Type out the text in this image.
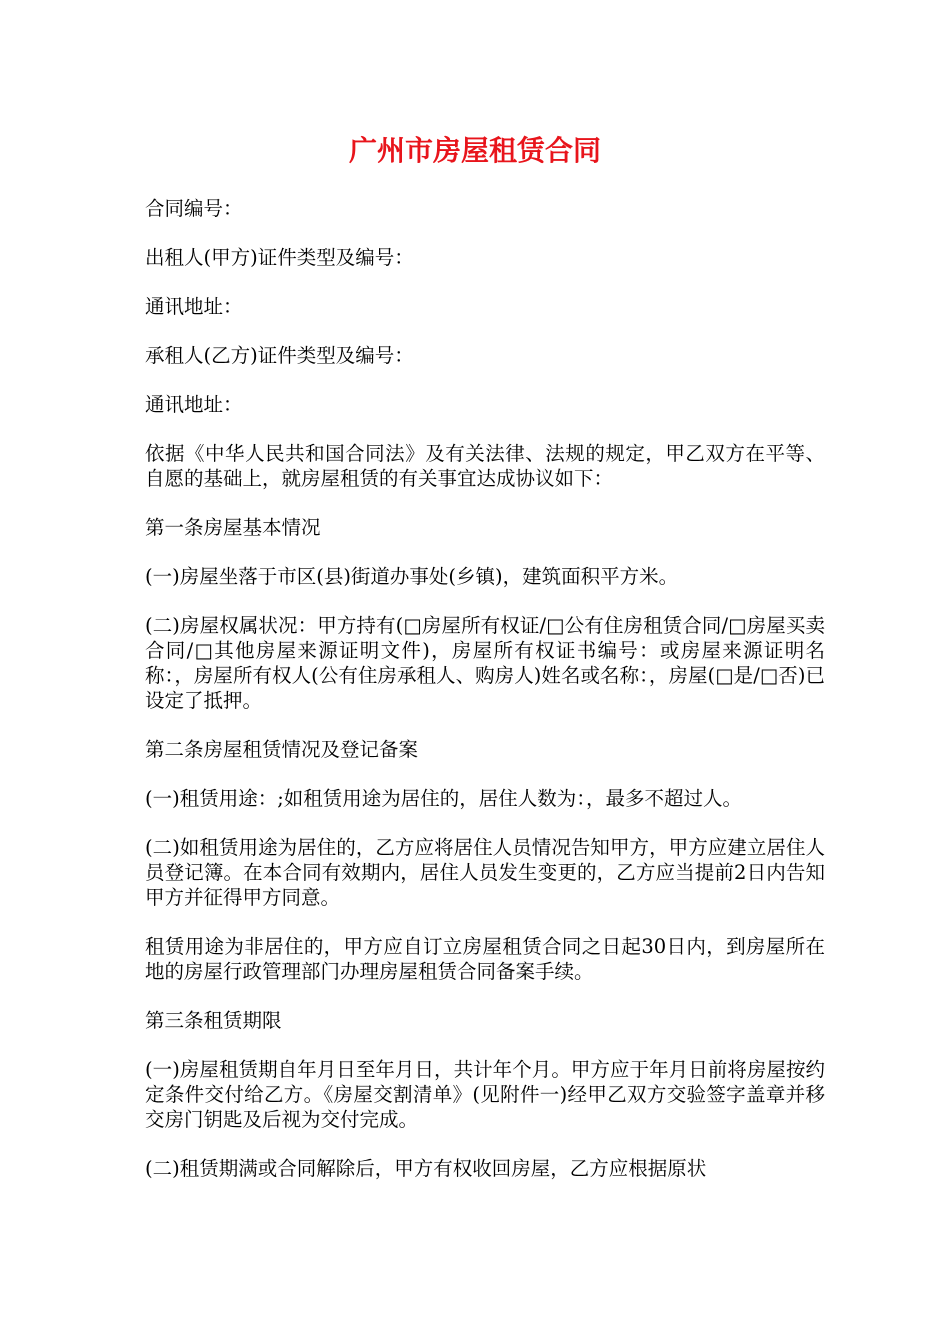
广州市房屋租赁合同

合同编号：

出租人(甲方)证件类型及编号：

通讯地址：

承租人(乙方)证件类型及编号：

通讯地址：

依据《中华人民共和国合同法》及有关法律、法规的规定，甲乙双方在平等、自愿的基础上，就房屋租赁的有关事宜达成协议如下：

第一条房屋基本情况

(一)房屋坐落于市区(县)街道办事处(乡镇)，建筑面积平方米。

(二)房屋权属状况：甲方持有(□房屋所有权证/□公有住房租赁合同/□房屋买卖合同/□其他房屋来源证明文件)，房屋所有权证书编号：或房屋来源证明名称：，房屋所有权人(公有住房承租人、购房人)姓名或名称：，房屋(□是/□否)已设定了抵押。

第二条房屋租赁情况及登记备案

(一)租赁用途：;如租赁用途为居住的，居住人数为：，最多不超过人。

(二)如租赁用途为居住的，乙方应将居住人员情况告知甲方，甲方应建立居住人员登记簿。在本合同有效期内，居住人员发生变更的，乙方应当提前2日内告知甲方并征得甲方同意。

租赁用途为非居住的，甲方应自订立房屋租赁合同之日起30日内，到房屋所在地的房屋行政管理部门办理房屋租赁合同备案手续。

第三条租赁期限

(一)房屋租赁期自年月日至年月日，共计年个月。甲方应于年月日前将房屋按约定条件交付给乙方。《房屋交割清单》(见附件一)经甲乙双方交验签字盖章并移交房门钥匙及后视为交付完成。

(二)租赁期满或合同解除后，甲方有权收回房屋，乙方应根据原状
